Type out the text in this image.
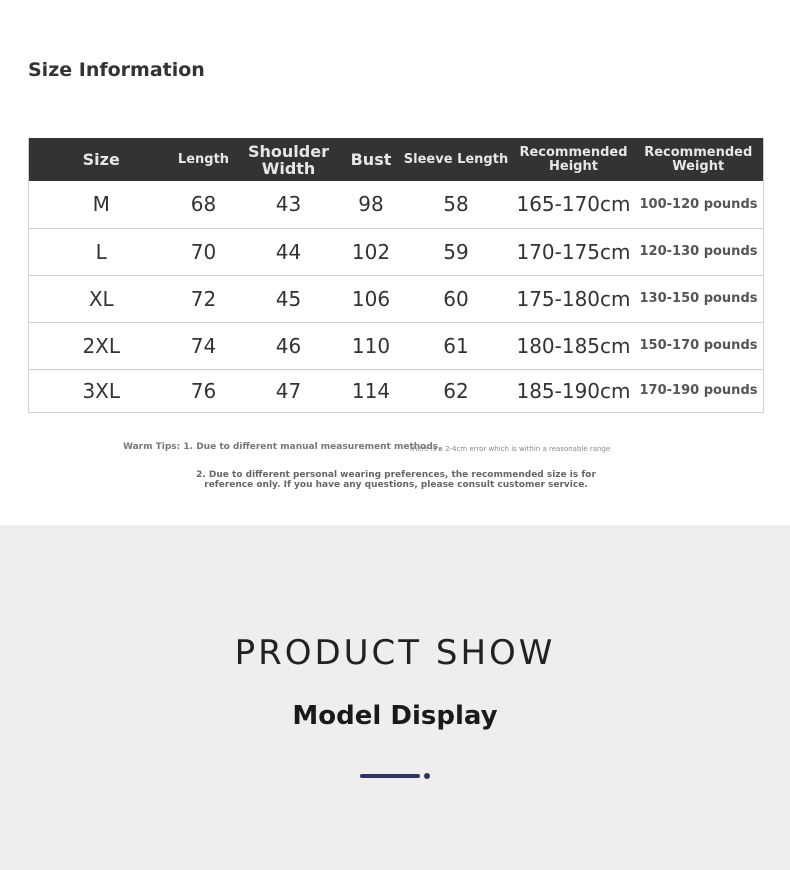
Size Information
Size	Length	Shoulder Width	Bust	Sleeve Length	Recommended Height	Recommended Weight
M	68	43	98	58	165-170cm	100-120 pounds
L	70	44	102	59	170-175cm	120-130 pounds
XL	72	45	106	60	175-180cm	130-150 pounds
2XL	74	46	110	61	180-185cm	150-170 pounds
3XL	76	47	114	62	185-190cm	170-190 pounds
Warm Tips: 1. Due to different manual measurement methods,
there is a 2-4cm error which is within a reasonable range
2. Due to different personal wearing preferences, the recommended size is for reference only. If you have any questions, please consult customer service.
PRODUCT SHOW
Model Display
